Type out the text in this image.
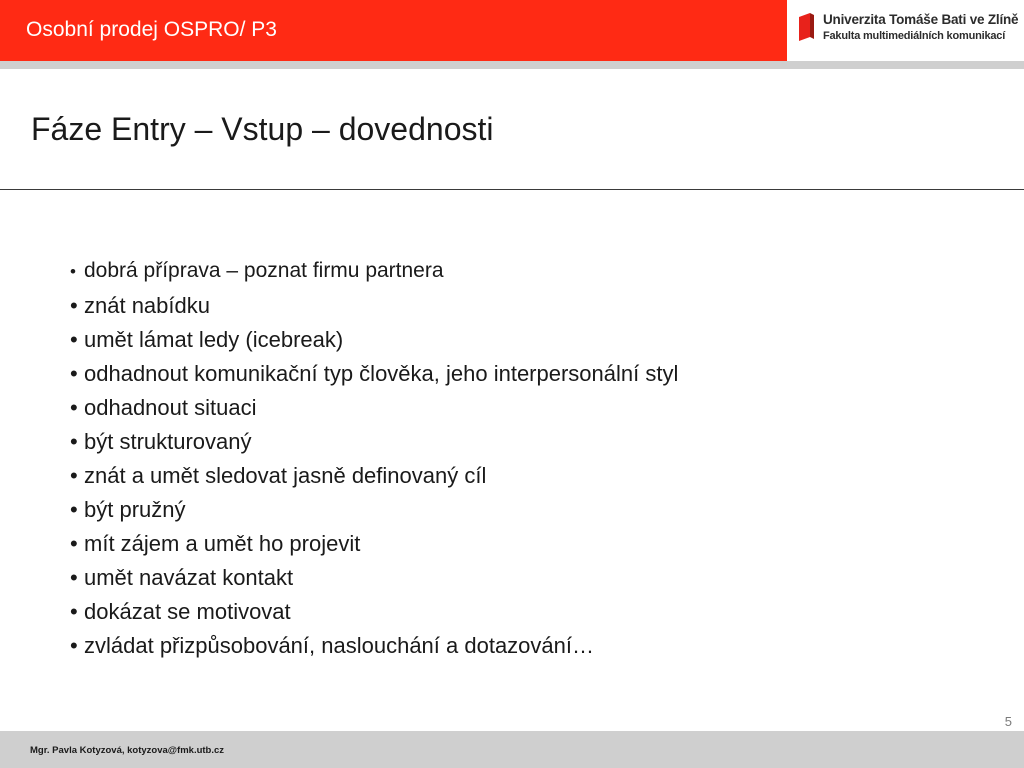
Osobní prodej OSPRO/ P3	Univerzita Tomáše Bati ve Zlíně
Fakulta multimediálních komunikací
Fáze Entry – Vstup – dovednosti
• dobrá příprava – poznat firmu partnera
• znát nabídku
• umět lámat ledy (icebreak)
• odhadnout komunikační typ člověka, jeho interpersonální styl
• odhadnout situaci
• být strukturovaný
• znát a umět sledovat jasně definovaný cíl
• být pružný
• mít zájem a umět ho projevit
• umět navázat kontakt
• dokázat se motivovat
• zvládat přizpůsobování, naslouchání a dotazování…
5
Mgr. Pavla Kotyzová, kotyzova@fmk.utb.cz
